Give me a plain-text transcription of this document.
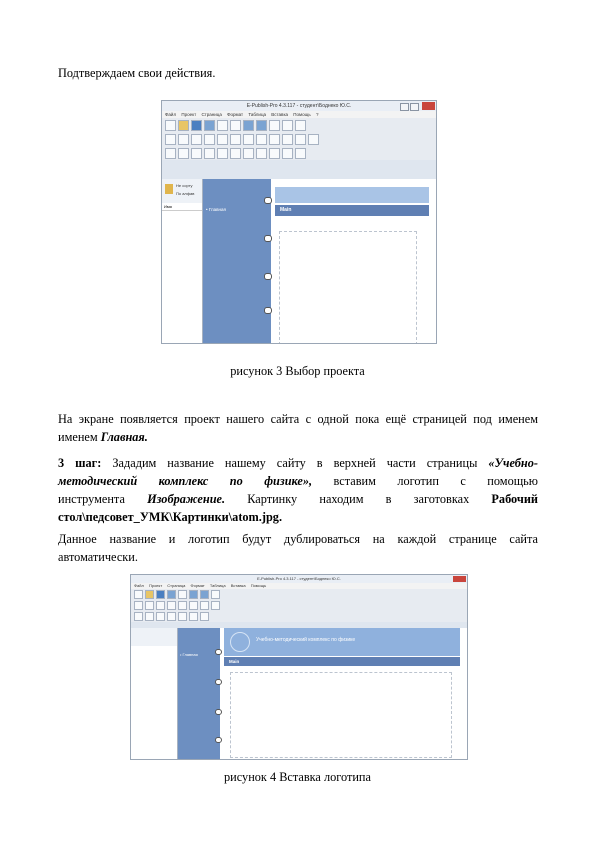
Подтверждаем свои действия.
E-Publish-Pro 4.3.117 - студент\Боднеко Ю.С.
Файл Проект Страница Формат Таблица Вставка Помощь ?
Не сорту
По алфав
Имя
• Главная	Main
рисунок 3 Выбор проекта
На экране появляется проект нашего сайта с одной пока ещё страницей под именем
именем Главная.
3 шаг: Зададим название нашему сайту в верхней части страницы «Учебно-
методический комплекс по физике», вставим логотип с помощью
инструмента Изображение. Картинку находим в заготовках Рабочий
стол\педсовет_УМК\Картинки\atom.jpg.
Данное название и логотип будут дублироваться на каждой странице сайта
автоматически.
E-Publish-Pro 4.3.117 - студент\Боднеко Ю.С.
Файл Проект Страница Формат Таблица Вставка Помощь
• Главная
Учебно-методический комплекс по физике
Main
рисунок 4 Вставка логотипа
